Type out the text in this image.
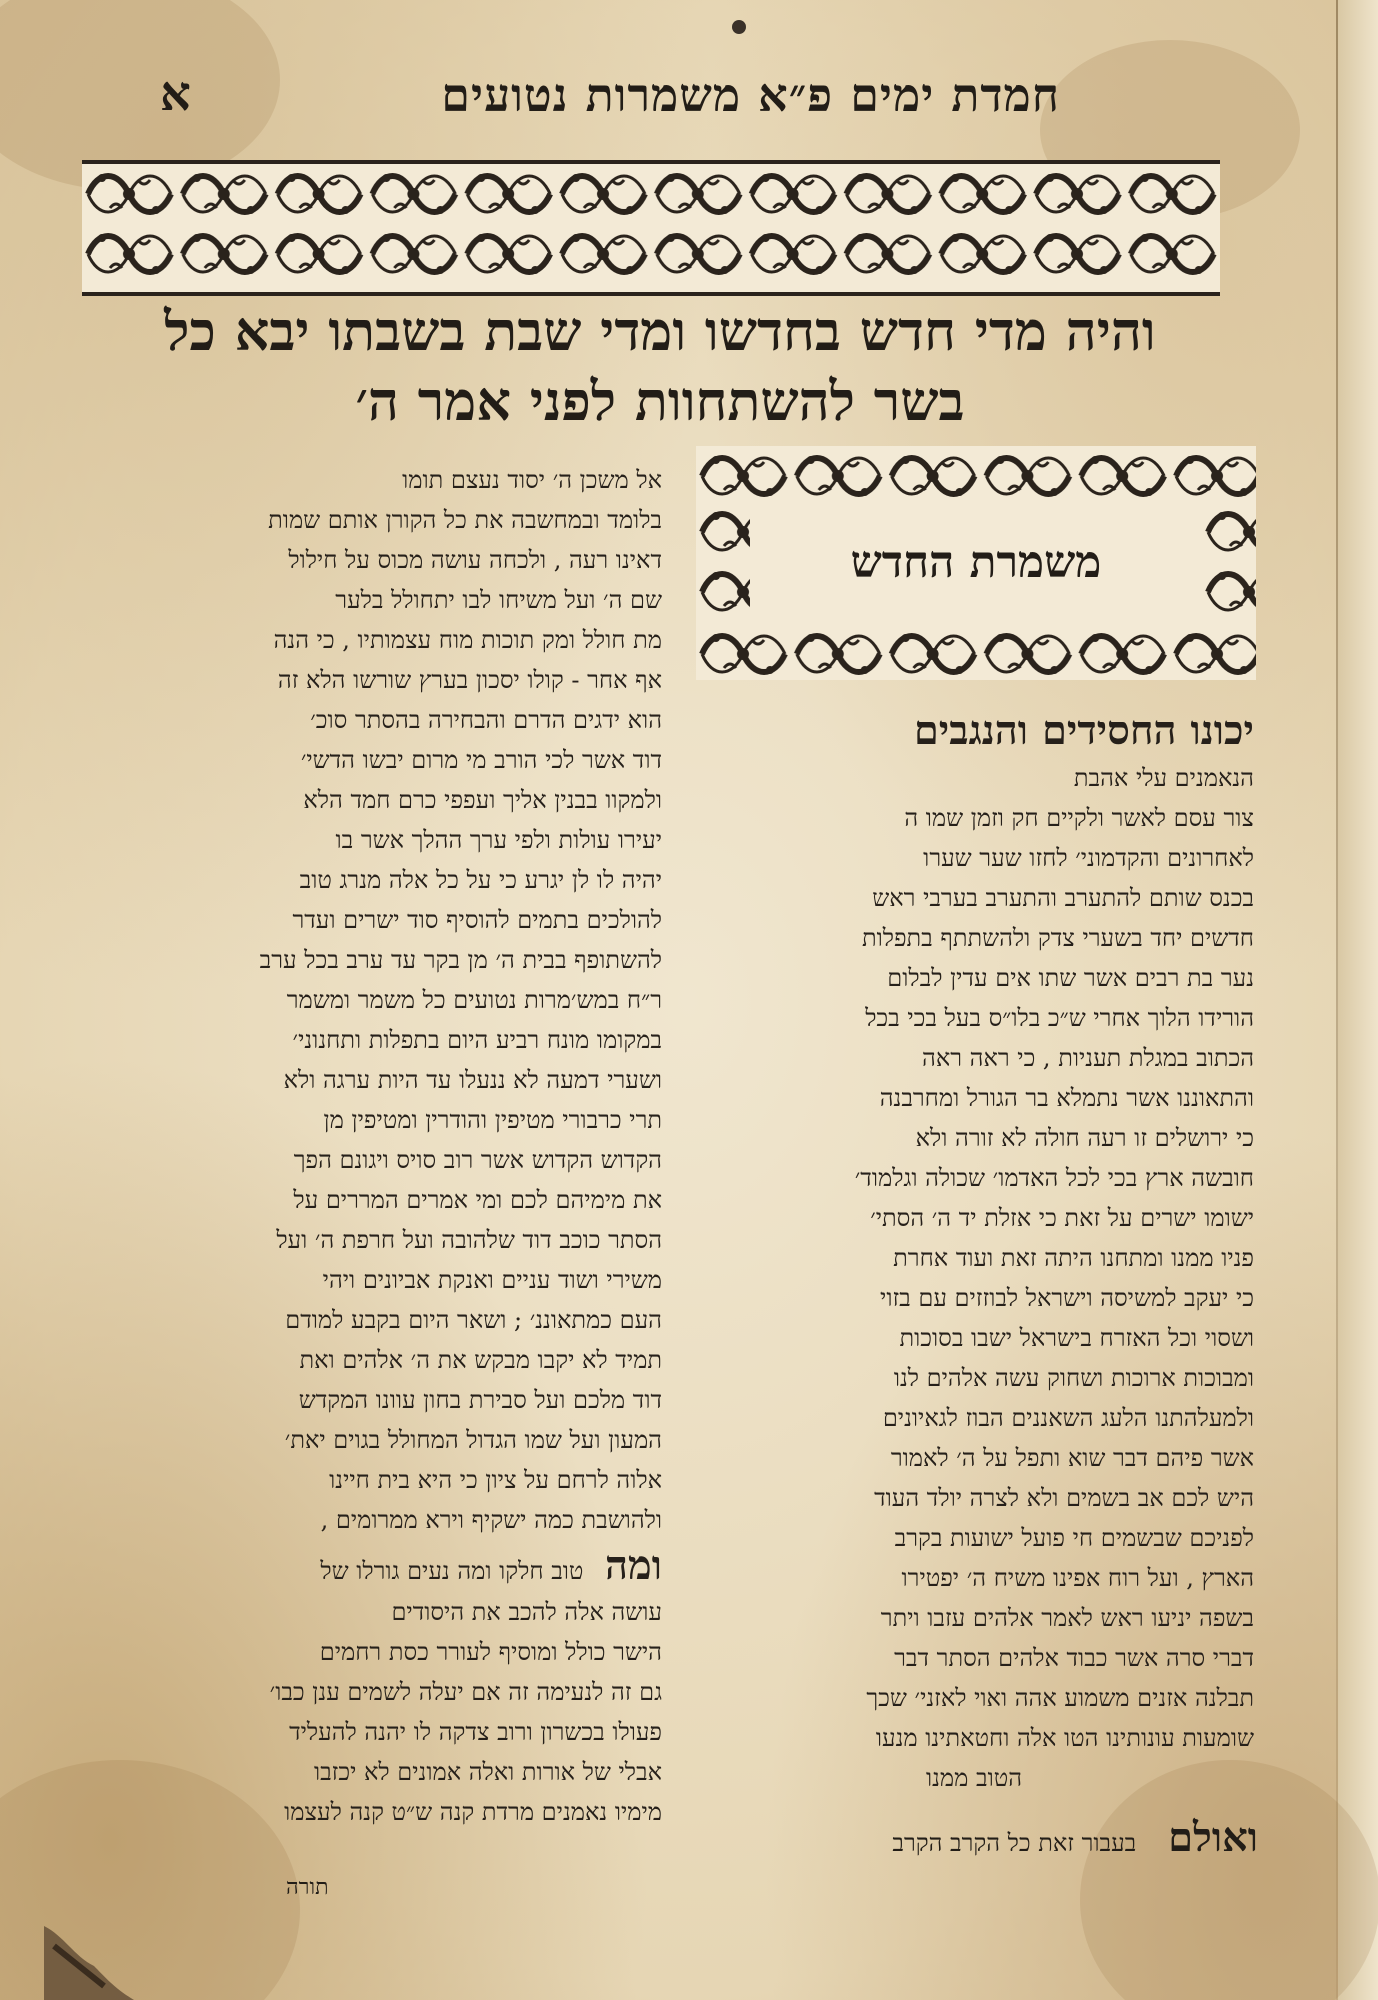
חמדת ימים פ״א משמרות נטועים
א
והיה מדי חדש בחדשו ומדי שבת בשבתו יבא כל
בשר להשתחוות לפני אמר ה׳
משמרת החדש
יכונו החסידים והנגבים
הנאמנים עלי אהבת
צור עסם לאשר ולקיים חק וזמן שמו ה
לאחרונים והקדמוני׳ לחזו שער שערו
בכנס שותם להתערב והתערב בערבי ראש
חדשים יחד בשערי צדק ולהשתתף בתפלות
נער בת רבים אשר שתו אים עדין לבלום
הורידו הלוך אחרי ש״כ בלו״ס בעל בכי בכל
הכתוב במגלת תעניות , כי ראה ראה
והתאוננו אשר נתמלא בר הגורל ומחרבנה
כי ירושלים זו רעה חולה לא זורה ולא
חובשה ארץ בכי לכל האדמו׳ שכולה וגלמוד׳
ישומו ישרים על זאת כי אזלת יד ה׳ הסתי׳
פניו ממנו ומתחנו היתה זאת ועוד אחרת
כי יעקב למשיסה וישראל לבוזזים עם בזוי
ושסוי וכל האזרח בישראל ישבו בסוכות
ומבוכות ארוכות ושחוק עשה אלהים לנו
ולמעלהתנו הלעג השאננים הבוז לגאיונים
אשר פיהם דבר שוא ותפל על ה׳ לאמור
היש לכם אב בשמים ולא לצרה יולד העוד
לפניכם שבשמים חי פועל ישועות בקרב
הארץ , ועל רוח אפינו משיח ה׳ יפטירו
בשפה יניעו ראש לאמר אלהים עזבו ויתר
דברי סרה אשר כבוד אלהים הסתר דבר
תבלנה אזנים משמוע אהה ואוי לאזני׳ שכך
שומעות עונותינו הטו אלה וחטאתינו מנעו
הטוב ממנו
ואולם בעבור זאת כל הקרב הקרב
אל משכן ה׳ יסוד נעצם תומו
בלומד ובמחשבה את כל הקורן אותם שמות
דאינו רעה , ולכחה עושה מכוס על חילול
שם ה׳ ועל משיחו לבו יתחולל בלער
מת חולל ומק תוכות מוח עצמותיו , כי הנה
אף אחר - קולו יסכון בערץ שורשו הלא זה
הוא ידגים הדרם והבחירה בהסתר סוכ׳
דוד אשר לכי הורב מי מרום יבשו הדשי׳
ולמקוו בבנין אליך ועפפי כרם חמד הלא
יעירו עולות ולפי ערך ההלך אשר בו
יהיה לו לן יגרע כי על כל אלה מנרג טוב
להולכים בתמים להוסיף סוד ישרים ועדר
להשתופף בבית ה׳ מן בקר עד ערב בכל ערב
ר״ח במש׳מרות נטועים כל משמר ומשמר
במקומו מונח רביע היום בתפלות ותחנוני׳
ושערי דמעה לא ננעלו עד היות ערגה ולא
תרי כרבורי מטיפין והודרין ומטיפין מן
הקדוש הקדוש אשר רוב סויס ויגונם הפך
את מימיהם לכם ומי אמרים המררים על
הסתר כוכב דוד שלהובה ועל חרפת ה׳ ועל
משירי ושוד עניים ואנקת אביונים ויהי
העם כמתאוננ׳ ; ושאר היום בקבע למודם
תמיד לא יקבו מבקש את ה׳ אלהים ואת
דוד מלכם ועל סבירת בחון עוונו המקדש
המעון ועל שמו הגדול המחולל בגוים יאת׳
אלוה לרחם על ציון כי היא בית חיינו
ולהושבת כמה ישקיף וירא ממרומים ,
ומה טוב חלקו ומה נעים גורלו של
עושה אלה להכב את היסודים
הישר כולל ומוסיף לעורר כסת רחמים
גם זה לנעימה זה אם יעלה לשמים ענן כבו׳
פעולו בכשרון ורוב צדקה לו יהנה להעליד
אבלי של אורות ואלה אמונים לא יכזבו
מימיו נאמנים מרדת קנה ש״ט קנה לעצמו
תורה
